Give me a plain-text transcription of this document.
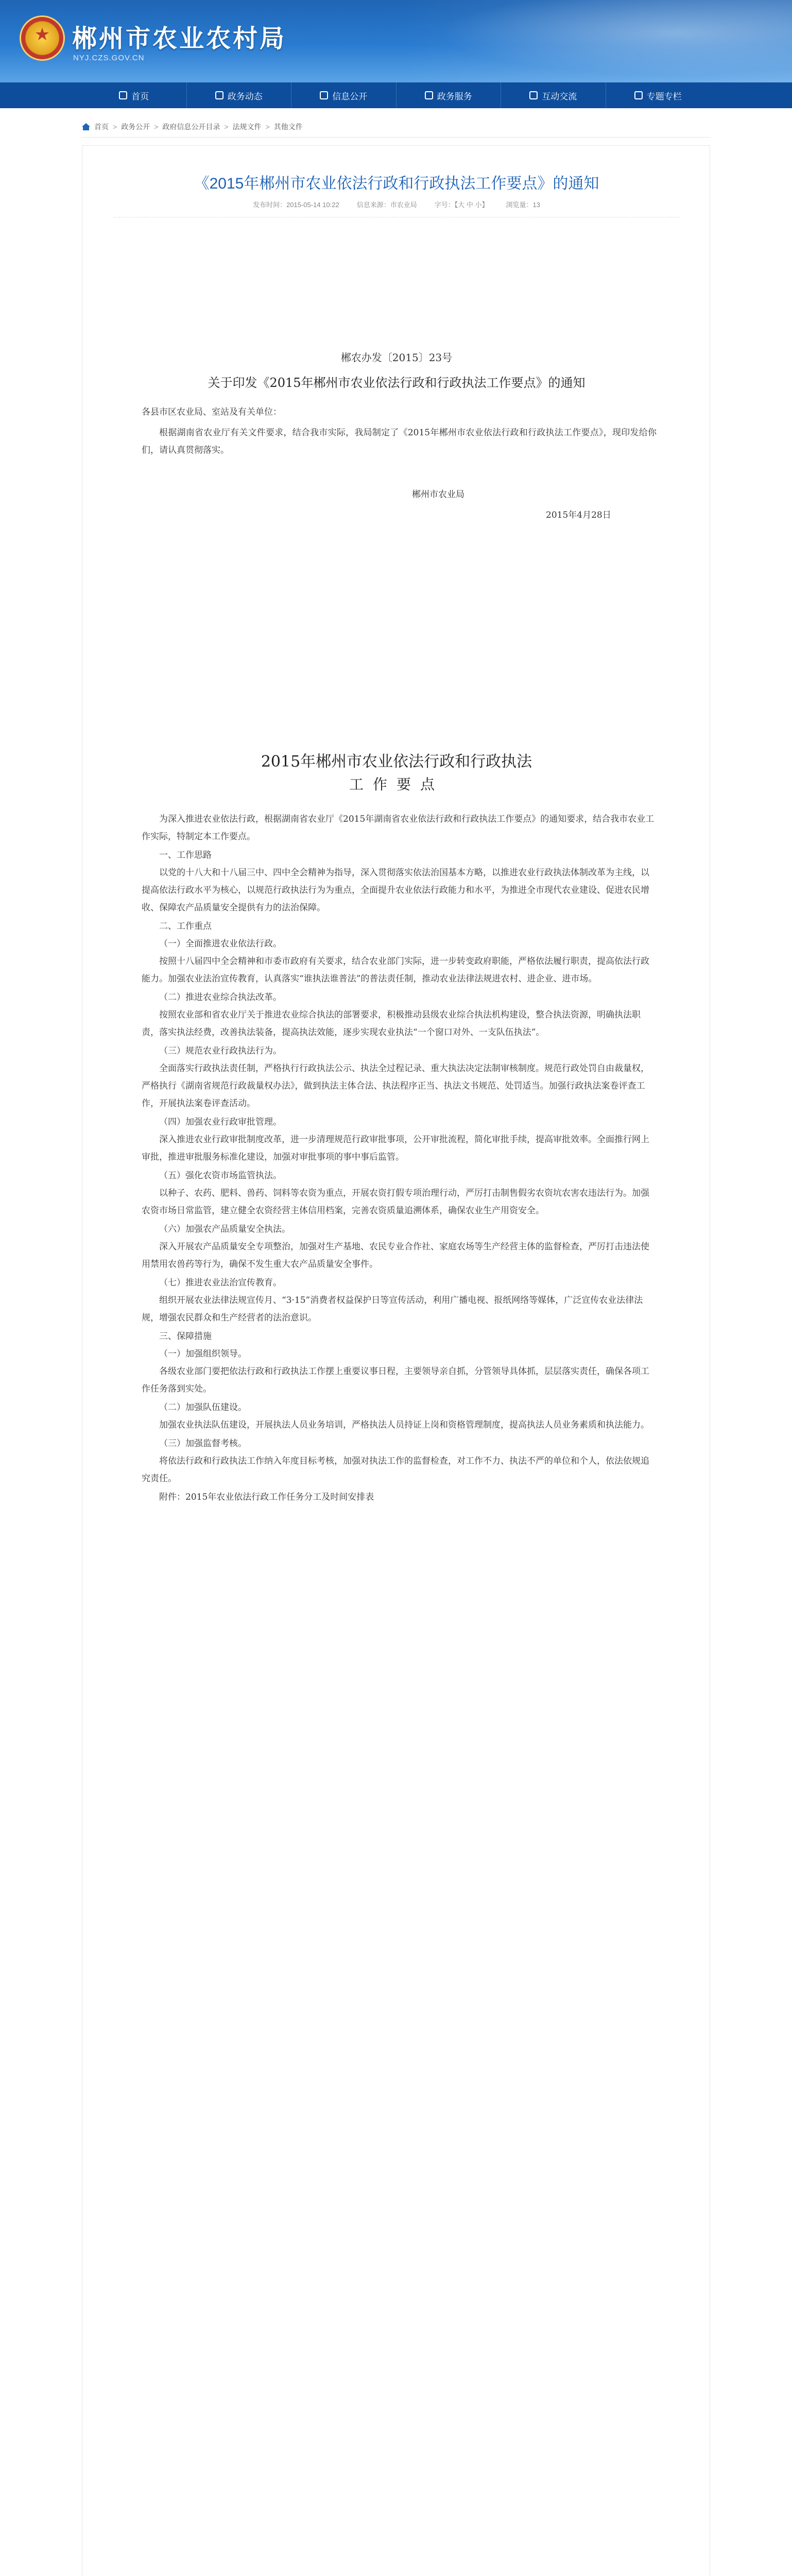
★
郴州市农业农村局
NYJ.CZS.GOV.CN
首页	政务动态	信息公开	政务服务	互动交流	专题专栏
首页 > 政务公开 > 政府信息公开目录 > 法规文件 > 其他文件
《2015年郴州市农业依法行政和行政执法工作要点》的通知
发布时间：2015-05-14 10:22	信息来源：市农业局	字号：【大 中 小】	浏览量：13
郴农办发〔2015〕23号
关于印发《2015年郴州市农业依法行政和行政执法工作要点》的通知
各县市区农业局、室站及有关单位：
根据湖南省农业厅有关文件要求，结合我市实际，我局制定了《2015年郴州市农业依法行政和行政执法工作要点》，现印发给你们，请认真贯彻落实。
郴州市农业局
2015年4月28日
2015年郴州市农业依法行政和行政执法
工作要点

为深入推进农业依法行政，根据湖南省农业厅《2015年湖南省农业依法行政和行政执法工作要点》的通知要求，结合我市农业工作实际，特制定本工作要点。

一、工作思路

以党的十八大和十八届三中、四中全会精神为指导，深入贯彻落实依法治国基本方略，以推进农业行政执法体制改革为主线，以提高依法行政水平为核心，以规范行政执法行为为重点，全面提升农业依法行政能力和水平，为推进全市现代农业建设、促进农民增收、保障农产品质量安全提供有力的法治保障。

二、工作重点

（一）全面推进农业依法行政。

按照十八届四中全会精神和市委市政府有关要求，结合农业部门实际，进一步转变政府职能，严格依法履行职责，提高依法行政能力。加强农业法治宣传教育，认真落实“谁执法谁普法”的普法责任制，推动农业法律法规进农村、进企业、进市场。

（二）推进农业综合执法改革。

按照农业部和省农业厅关于推进农业综合执法的部署要求，积极推动县级农业综合执法机构建设，整合执法资源，明确执法职责，落实执法经费，改善执法装备，提高执法效能，逐步实现农业执法“一个窗口对外、一支队伍执法”。

（三）规范农业行政执法行为。

全面落实行政执法责任制，严格执行行政执法公示、执法全过程记录、重大执法决定法制审核制度。规范行政处罚自由裁量权，严格执行《湖南省规范行政裁量权办法》，做到执法主体合法、执法程序正当、执法文书规范、处罚适当。加强行政执法案卷评查工作，开展执法案卷评查活动。

（四）加强农业行政审批管理。

深入推进农业行政审批制度改革，进一步清理规范行政审批事项，公开审批流程，简化审批手续，提高审批效率。全面推行网上审批，推进审批服务标准化建设，加强对审批事项的事中事后监管。

（五）强化农资市场监管执法。

以种子、农药、肥料、兽药、饲料等农资为重点，开展农资打假专项治理行动，严厉打击制售假劣农资坑农害农违法行为。加强农资市场日常监管，建立健全农资经营主体信用档案，完善农资质量追溯体系，确保农业生产用资安全。

（六）加强农产品质量安全执法。

深入开展农产品质量安全专项整治，加强对生产基地、农民专业合作社、家庭农场等生产经营主体的监督检查，严厉打击违法使用禁用农兽药等行为，确保不发生重大农产品质量安全事件。

（七）推进农业法治宣传教育。

组织开展农业法律法规宣传月、“3·15”消费者权益保护日等宣传活动，利用广播电视、报纸网络等媒体，广泛宣传农业法律法规，增强农民群众和生产经营者的法治意识。

三、保障措施

（一）加强组织领导。

各级农业部门要把依法行政和行政执法工作摆上重要议事日程，主要领导亲自抓，分管领导具体抓，层层落实责任，确保各项工作任务落到实处。

（二）加强队伍建设。

加强农业执法队伍建设，开展执法人员业务培训，严格执法人员持证上岗和资格管理制度，提高执法人员业务素质和执法能力。

（三）加强监督考核。

将依法行政和行政执法工作纳入年度目标考核，加强对执法工作的监督检查，对工作不力、执法不严的单位和个人，依法依规追究责任。

附件：2015年农业依法行政工作任务分工及时间安排表
